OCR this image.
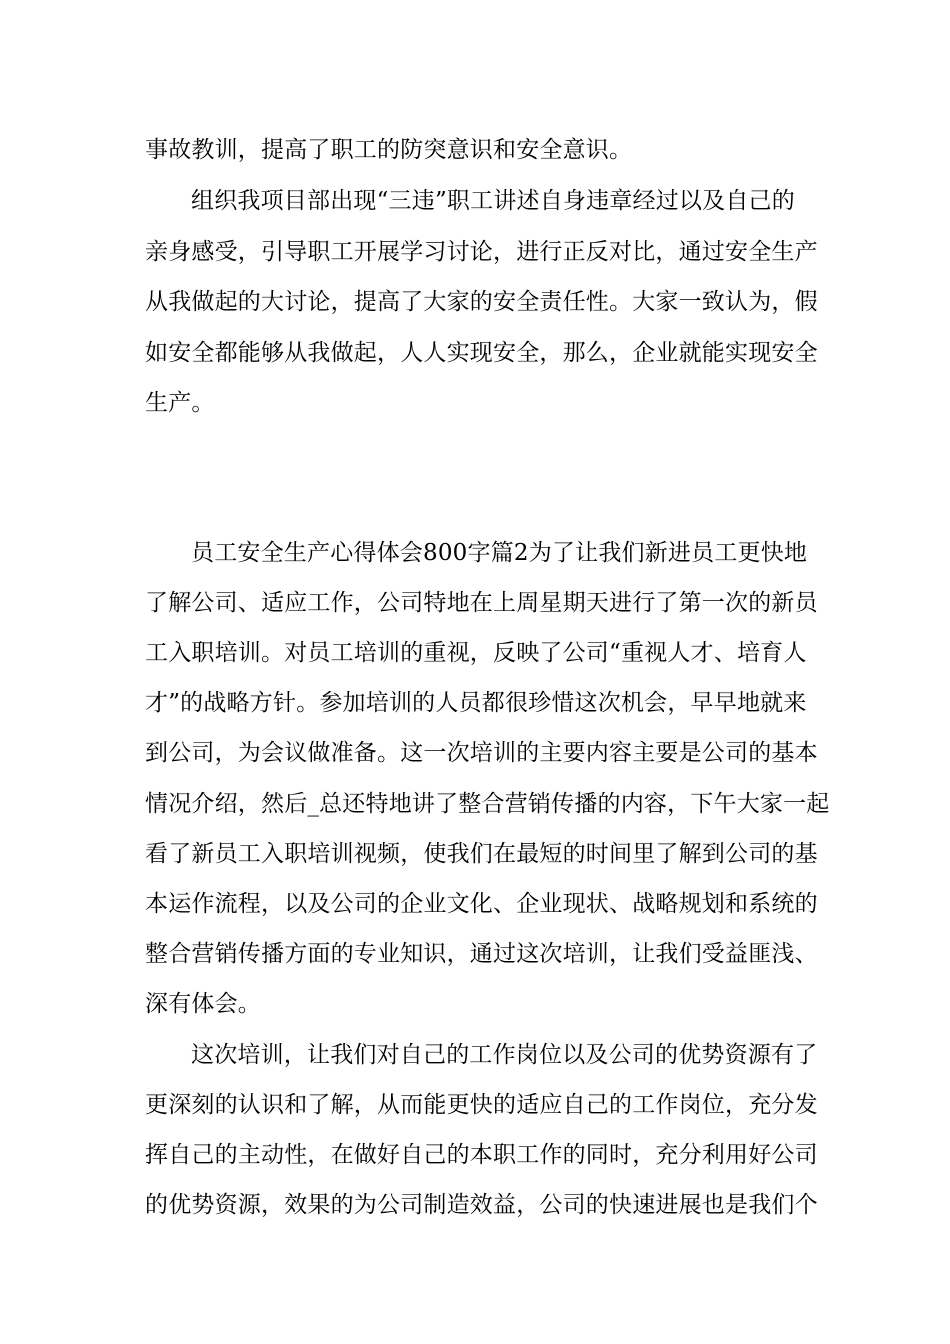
事故教训，提高了职工的防突意识和安全意识。

组织我项目部出现“三违”职工讲述自身违章经过以及自己的

亲身感受，引导职工开展学习讨论，进行正反对比，通过安全生产

从我做起的大讨论，提高了大家的安全责任性。大家一致认为，假

如安全都能够从我做起，人人实现安全，那么，企业就能实现安全

生产。

员工安全生产心得体会800字篇2为了让我们新进员工更快地

了解公司、适应工作，公司特地在上周星期天进行了第一次的新员

工入职培训。对员工培训的重视，反映了公司“重视人才、培育人

才”的战略方针。参加培训的人员都很珍惜这次机会，早早地就来

到公司，为会议做准备。这一次培训的主要内容主要是公司的基本

情况介绍，然后_总还特地讲了整合营销传播的内容，下午大家一起

看了新员工入职培训视频，使我们在最短的时间里了解到公司的基

本运作流程，以及公司的企业文化、企业现状、战略规划和系统的

整合营销传播方面的专业知识，通过这次培训，让我们受益匪浅、

深有体会。

这次培训，让我们对自己的工作岗位以及公司的优势资源有了

更深刻的认识和了解，从而能更快的适应自己的工作岗位，充分发

挥自己的主动性，在做好自己的本职工作的同时，充分利用好公司

的优势资源，效果的为公司制造效益，公司的快速进展也是我们个
